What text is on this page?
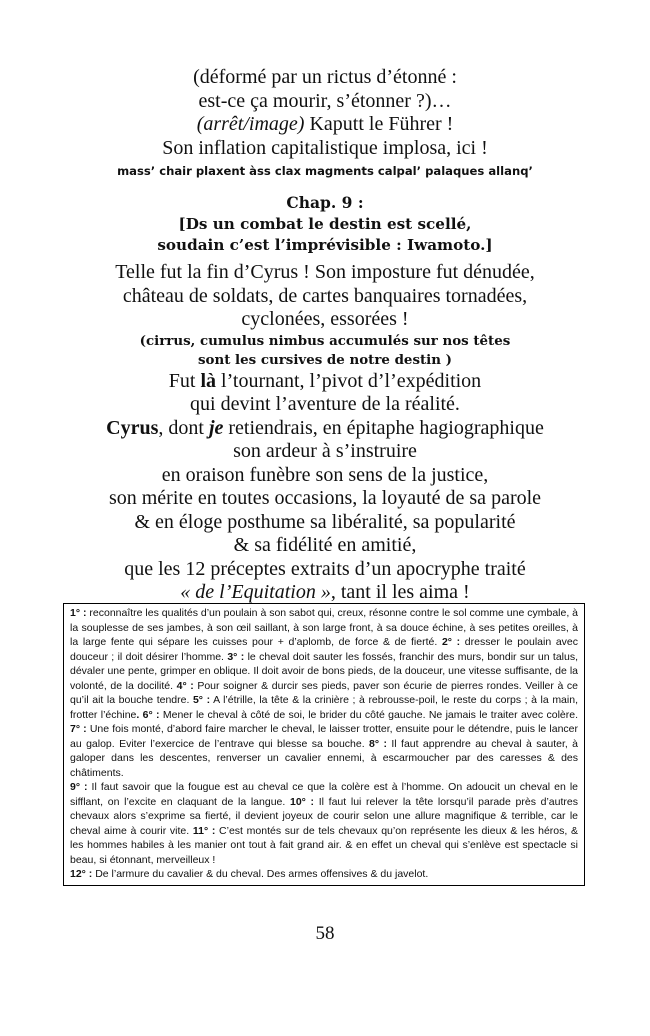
(déformé par un rictus d’étonné :
est-ce ça mourir, s’étonner ?)…
(arrêt/image) Kaputt le Führer !
Son inflation capitalistique implosa, ici !
mass’ chair plaxent àss clax magments calpal’ palaques allanq’
Chap. 9 :
[Ds un combat le destin est scellé,
soudain c’est l’imprévisible : Iwamoto.]
Telle fut la fin d’Cyrus ! Son imposture fut dénudée,
château de soldats, de cartes banquaires tornadées,
cyclonées, essorées !
(cirrus, cumulus nimbus accumulés sur nos têtes
sont les cursives de notre destin )
Fut là l’tournant, l’pivot d’l’expédition
qui devint l’aventure de la réalité.
Cyrus, dont je retiendrais, en épitaphe hagiographique
son ardeur à s’instruire
en oraison funèbre son sens de la justice,
son mérite en toutes occasions, la loyauté de sa parole
& en éloge posthume sa libéralité, sa popularité
& sa fidélité en amitié,
que les 12 préceptes extraits d’un apocryphe traité
« de l’Equitation », tant il les aima !

1° : reconnaître les qualités d’un poulain à son sabot qui, creux, résonne contre le sol comme une cymbale, à la souplesse de ses jambes, à son œil saillant, à son large front, à sa douce échine, à ses petites oreilles, à la large fente qui sépare les cuisses pour + d’aplomb, de force & de fierté. 2° : dresser le poulain avec douceur ; il doit désirer l’homme. 3° : le cheval doit sauter les fossés, franchir des murs, bondir sur un talus, dévaler une pente, grimper en oblique. Il doit avoir de bons pieds, de la douceur, une vitesse suffisante, de la volonté, de la docilité. 4° : Pour soigner & durcir ses pieds, paver son écurie de pierres rondes. Veiller à ce qu’il ait la bouche tendre. 5° : A l’étrille, la tête & la crinière ; à rebrousse-poil, le reste du corps ; à la main, frotter l’échine. 6° : Mener le cheval à côté de soi, le brider du côté gauche. Ne jamais le traiter avec colère. 7° : Une fois monté, d’abord faire marcher le cheval, le laisser trotter, ensuite pour le détendre, puis le lancer au galop. Eviter l’exercice de l’entrave qui blesse sa bouche. 8° : Il faut apprendre au cheval à sauter, à galoper dans les descentes, renverser un cavalier ennemi, à escarmoucher par des caresses & des châtiments.

9° : Il faut savoir que la fougue est au cheval ce que la colère est à l’homme. On adoucit un cheval en le sifflant, on l’excite en claquant de la langue. 10° : Il faut lui relever la tête lorsqu’il parade près d’autres chevaux alors s’exprime sa fierté, il devient joyeux de courir selon une allure magnifique & terrible, car le cheval aime à courir vite. 11° : C’est montés sur de tels chevaux qu’on représente les dieux & les héros, & les hommes habiles à les manier ont tout à fait grand air. & en effet un cheval qui s’enlève est spectacle si beau, si étonnant, merveilleux !

12° : De l’armure du cavalier & du cheval. Des armes offensives & du javelot.

58
